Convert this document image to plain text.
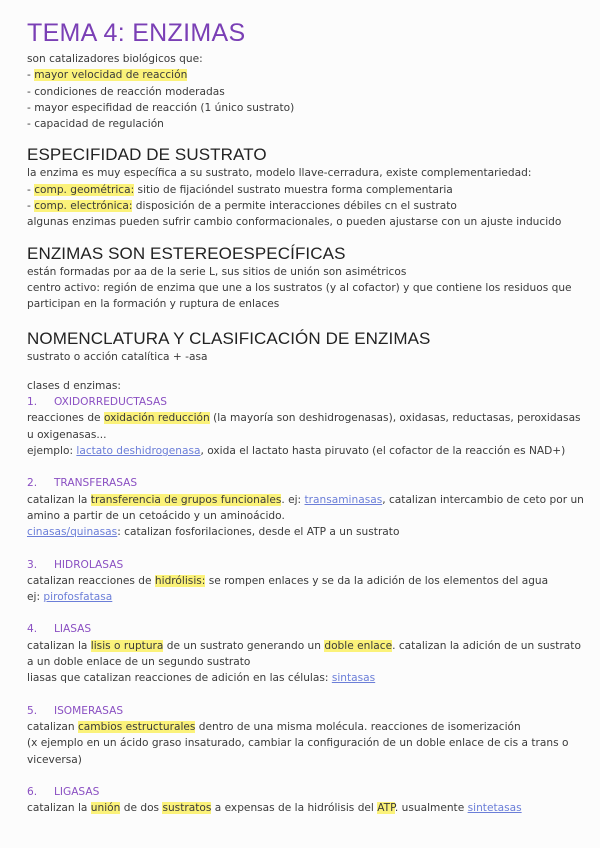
TEMA 4: ENZIMAS
son catalizadores biológicos que:
- mayor velocidad de reacción
- condiciones de reacción moderadas
- mayor especifidad de reacción (1 único sustrato)
- capacidad de regulación
ESPECIFIDAD DE SUSTRATO
la enzima es muy específica a su sustrato, modelo llave-cerradura, existe complementariedad:
- comp. geométrica: sitio de fijacióndel sustrato muestra forma complementaria
- comp. electrónica: disposición de a permite interacciones débiles cn el sustrato
algunas enzimas pueden sufrir cambio conformacionales, o pueden ajustarse con un ajuste inducido
ENZIMAS SON ESTEREOESPECÍFICAS
están formadas por aa de la serie L, sus sitios de unión son asimétricos
centro activo: región de enzima que une a los sustratos (y al cofactor) y que contiene los residuos que participan en la formación y ruptura de enlaces
NOMENCLATURA Y CLASIFICACIÓN DE ENZIMAS
sustrato o acción catalítica + -asa
clases d enzimas:
1.     OXIDORREDUCTASAS
reacciones de oxidación reducción (la mayoría son deshidrogenasas), oxidasas, reductasas, peroxidasas u oxigenasas...
ejemplo: lactato deshidrogenasa, oxida el lactato hasta piruvato (el cofactor de la reacción es NAD+)
2.     TRANSFERASAS
catalizan la transferencia de grupos funcionales. ej: transaminasas, catalizan intercambio de ceto por un amino a partir de un cetoácido y un aminoácido.
cinasas/quinasas: catalizan fosforilaciones, desde el ATP a un sustrato
3.     HIDROLASAS
catalizan reacciones de hidrólisis: se rompen enlaces y se da la adición de los elementos del agua
ej: pirofosfatasa
4.     LIASAS
catalizan la lisis o ruptura de un sustrato generando un doble enlace. catalizan la adición de un sustrato a un doble enlace de un segundo sustrato
liasas que catalizan reacciones de adición en las células: sintasas
5.     ISOMERASAS
catalizan cambios estructurales dentro de una misma molécula. reacciones de isomerización
(x ejemplo en un ácido graso insaturado, cambiar la configuración de un doble enlace de cis a trans o viceversa)
6.     LIGASAS
catalizan la unión de dos sustratos a expensas de la hidrólisis del ATP. usualmente sintetasas
